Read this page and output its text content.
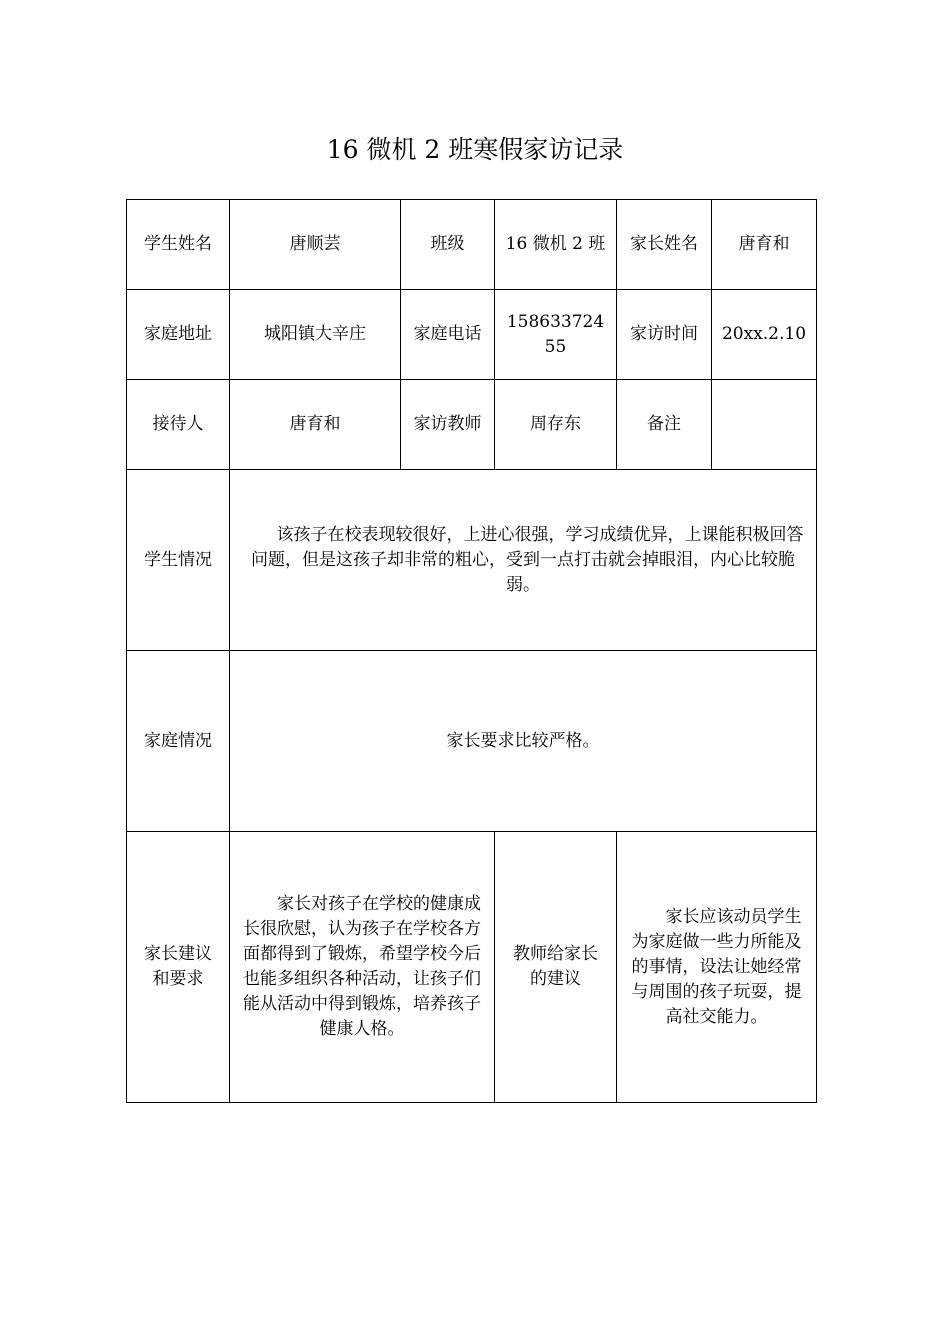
16 微机 2 班寒假家访记录
学生姓名	唐顺芸	班级	16 微机 2 班	家长姓名	唐育和
家庭地址	城阳镇大辛庄	家庭电话	15863372455	家访时间	20xx.2.10
接待人	唐育和	家访教师	周存东	备注	
学生情况	该孩子在校表现较很好，上进心很强，学习成绩优异，上课能积极回答问题，但是这孩子却非常的粗心，受到一点打击就会掉眼泪，内心比较脆弱。				

家庭情况	家长要求比较严格。				

家长建议和要求	家长对孩子在学校的健康成长很欣慰，认为孩子在学校各方面都得到了锻炼，希望学校今后也能多组织各种活动，让孩子们能从活动中得到锻炼，培养孩子健康人格。		教师给家长的建议	家长应该动员学生为家庭做一些力所能及的事情，设法让她经常与周围的孩子玩耍，提高社交能力。	
